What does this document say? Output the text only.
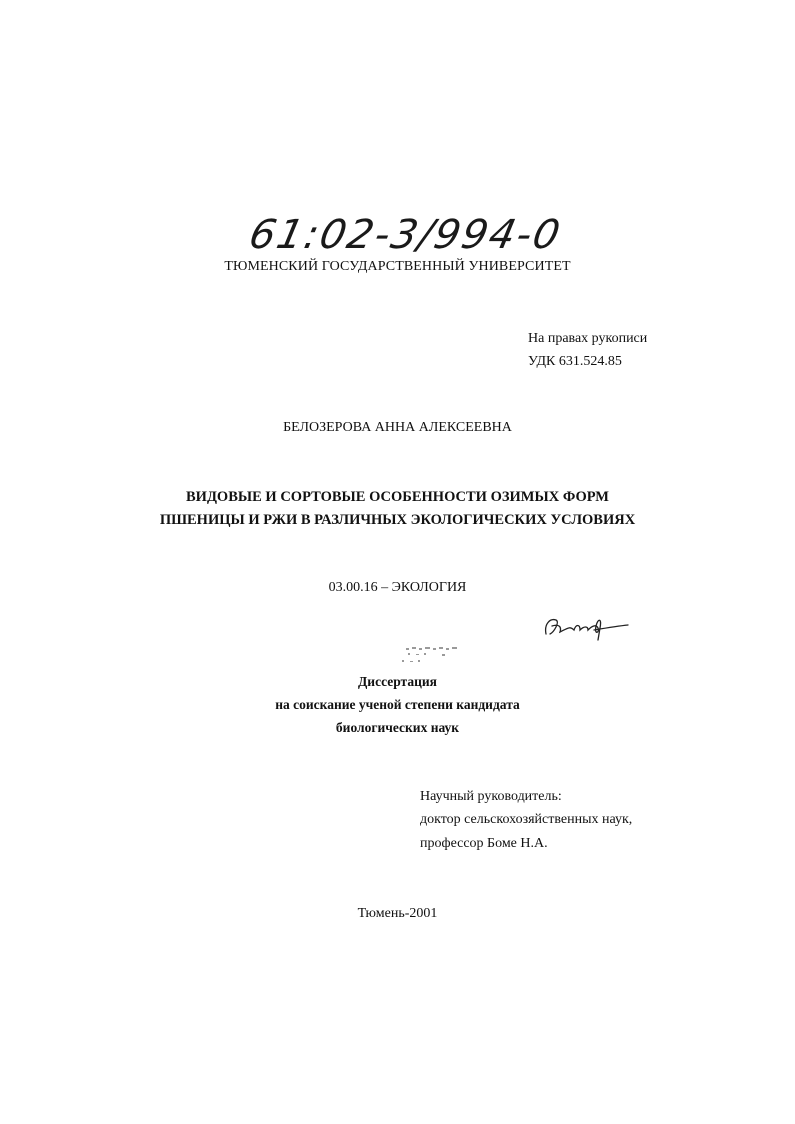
61:02-3/994-0
ТЮМЕНСКИЙ ГОСУДАРСТВЕННЫЙ УНИВЕРСИТЕТ
На правах рукописи
УДК 631.524.85
БЕЛОЗЕРОВА АННА АЛЕКСЕЕВНА
ВИДОВЫЕ И СОРТОВЫЕ ОСОБЕННОСТИ ОЗИМЫХ ФОРМ
ПШЕНИЦЫ И РЖИ В РАЗЛИЧНЫХ ЭКОЛОГИЧЕСКИХ УСЛОВИЯХ
03.00.16 – ЭКОЛОГИЯ
Диссертация
на соискание ученой степени кандидата
биологических наук
Научный руководитель:
доктор сельскохозяйственных наук,
профессор Боме Н.А.
Тюмень-2001
